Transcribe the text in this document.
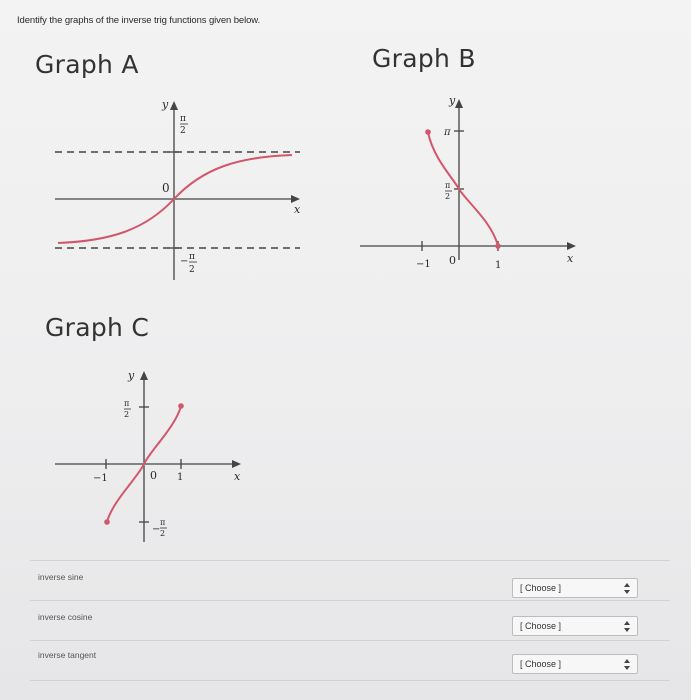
Identify the graphs of the inverse trig functions given below.
Graph A
y
x
0
π
2
− π
2
Graph B
y
x
π
π
2
−1 0	1
Graph C
y
x
π
2
−1	0 1
−
π
2
inverse sine
[ Choose ]
inverse cosine
[ Choose ]
inverse tangent
[ Choose ]
